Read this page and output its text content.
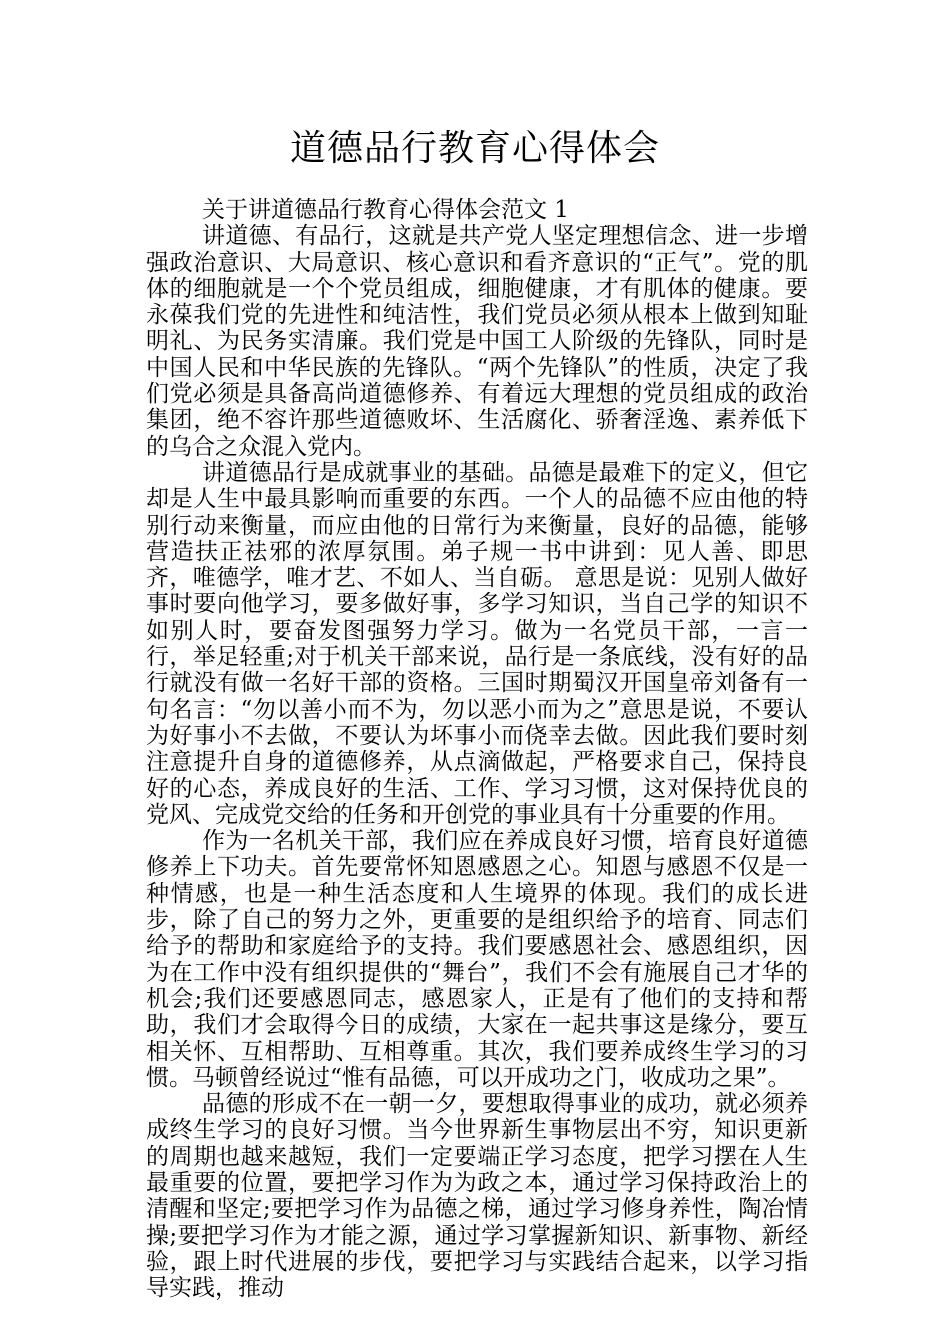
道德品行教育心得体会

关于讲道德品行教育心得体会范文 1

讲道德、有品行，这就是共产党人坚定理想信念、进一步增强政治意识、大局意识、核心意识和看齐意识的“正气”。党的肌体的细胞就是一个个党员组成，细胞健康，才有肌体的健康。要永葆我们党的先进性和纯洁性，我们党员必须从根本上做到知耻明礼、为民务实清廉。我们党是中国工人阶级的先锋队，同时是中国人民和中华民族的先锋队。“两个先锋队”的性质，决定了我们党必须是具备高尚道德修养、有着远大理想的党员组成的政治集团，绝不容许那些道德败坏、生活腐化、骄奢淫逸、素养低下的乌合之众混入党内。

讲道德品行是成就事业的基础。品德是最难下的定义，但它却是人生中最具影响而重要的东西。一个人的品德不应由他的特别行动来衡量，而应由他的日常行为来衡量，良好的品德，能够营造扶正祛邪的浓厚氛围。弟子规一书中讲到：见人善、即思齐，唯德学，唯才艺、不如人、当自砺。 意思是说：见别人做好事时要向他学习，要多做好事，多学习知识，当自己学的知识不如别人时，要奋发图强努力学习。做为一名党员干部，一言一行，举足轻重;对于机关干部来说，品行是一条底线，没有好的品行就没有做一名好干部的资格。三国时期蜀汉开国皇帝刘备有一句名言：“勿以善小而不为，勿以恶小而为之”意思是说，不要认为好事小不去做，不要认为坏事小而侥幸去做。因此我们要时刻注意提升自身的道德修养，从点滴做起，严格要求自己，保持良好的心态，养成良好的生活、工作、学习习惯，这对保持优良的党风、完成党交给的任务和开创党的事业具有十分重要的作用。

作为一名机关干部，我们应在养成良好习惯，培育良好道德修养上下功夫。首先要常怀知恩感恩之心。知恩与感恩不仅是一种情感，也是一种生活态度和人生境界的体现。我们的成长进步，除了自己的努力之外，更重要的是组织给予的培育、同志们给予的帮助和家庭给予的支持。我们要感恩社会、感恩组织，因为在工作中没有组织提供的“舞台”，我们不会有施展自己才华的机会;我们还要感恩同志，感恩家人，正是有了他们的支持和帮助，我们才会取得今日的成绩，大家在一起共事这是缘分，要互相关怀、互相帮助、互相尊重。其次，我们要养成终生学习的习惯。马顿曾经说过“惟有品德，可以开成功之门，收成功之果”。

品德的形成不在一朝一夕，要想取得事业的成功，就必须养成终生学习的良好习惯。当今世界新生事物层出不穷，知识更新的周期也越来越短，我们一定要端正学习态度，把学习摆在人生最重要的位置，要把学习作为为政之本，通过学习保持政治上的清醒和坚定;要把学习作为品德之梯，通过学习修身养性，陶冶情操;要把学习作为才能之源，通过学习掌握新知识、新事物、新经验，跟上时代进展的步伐，要把学习与实践结合起来，以学习指导实践，推动
